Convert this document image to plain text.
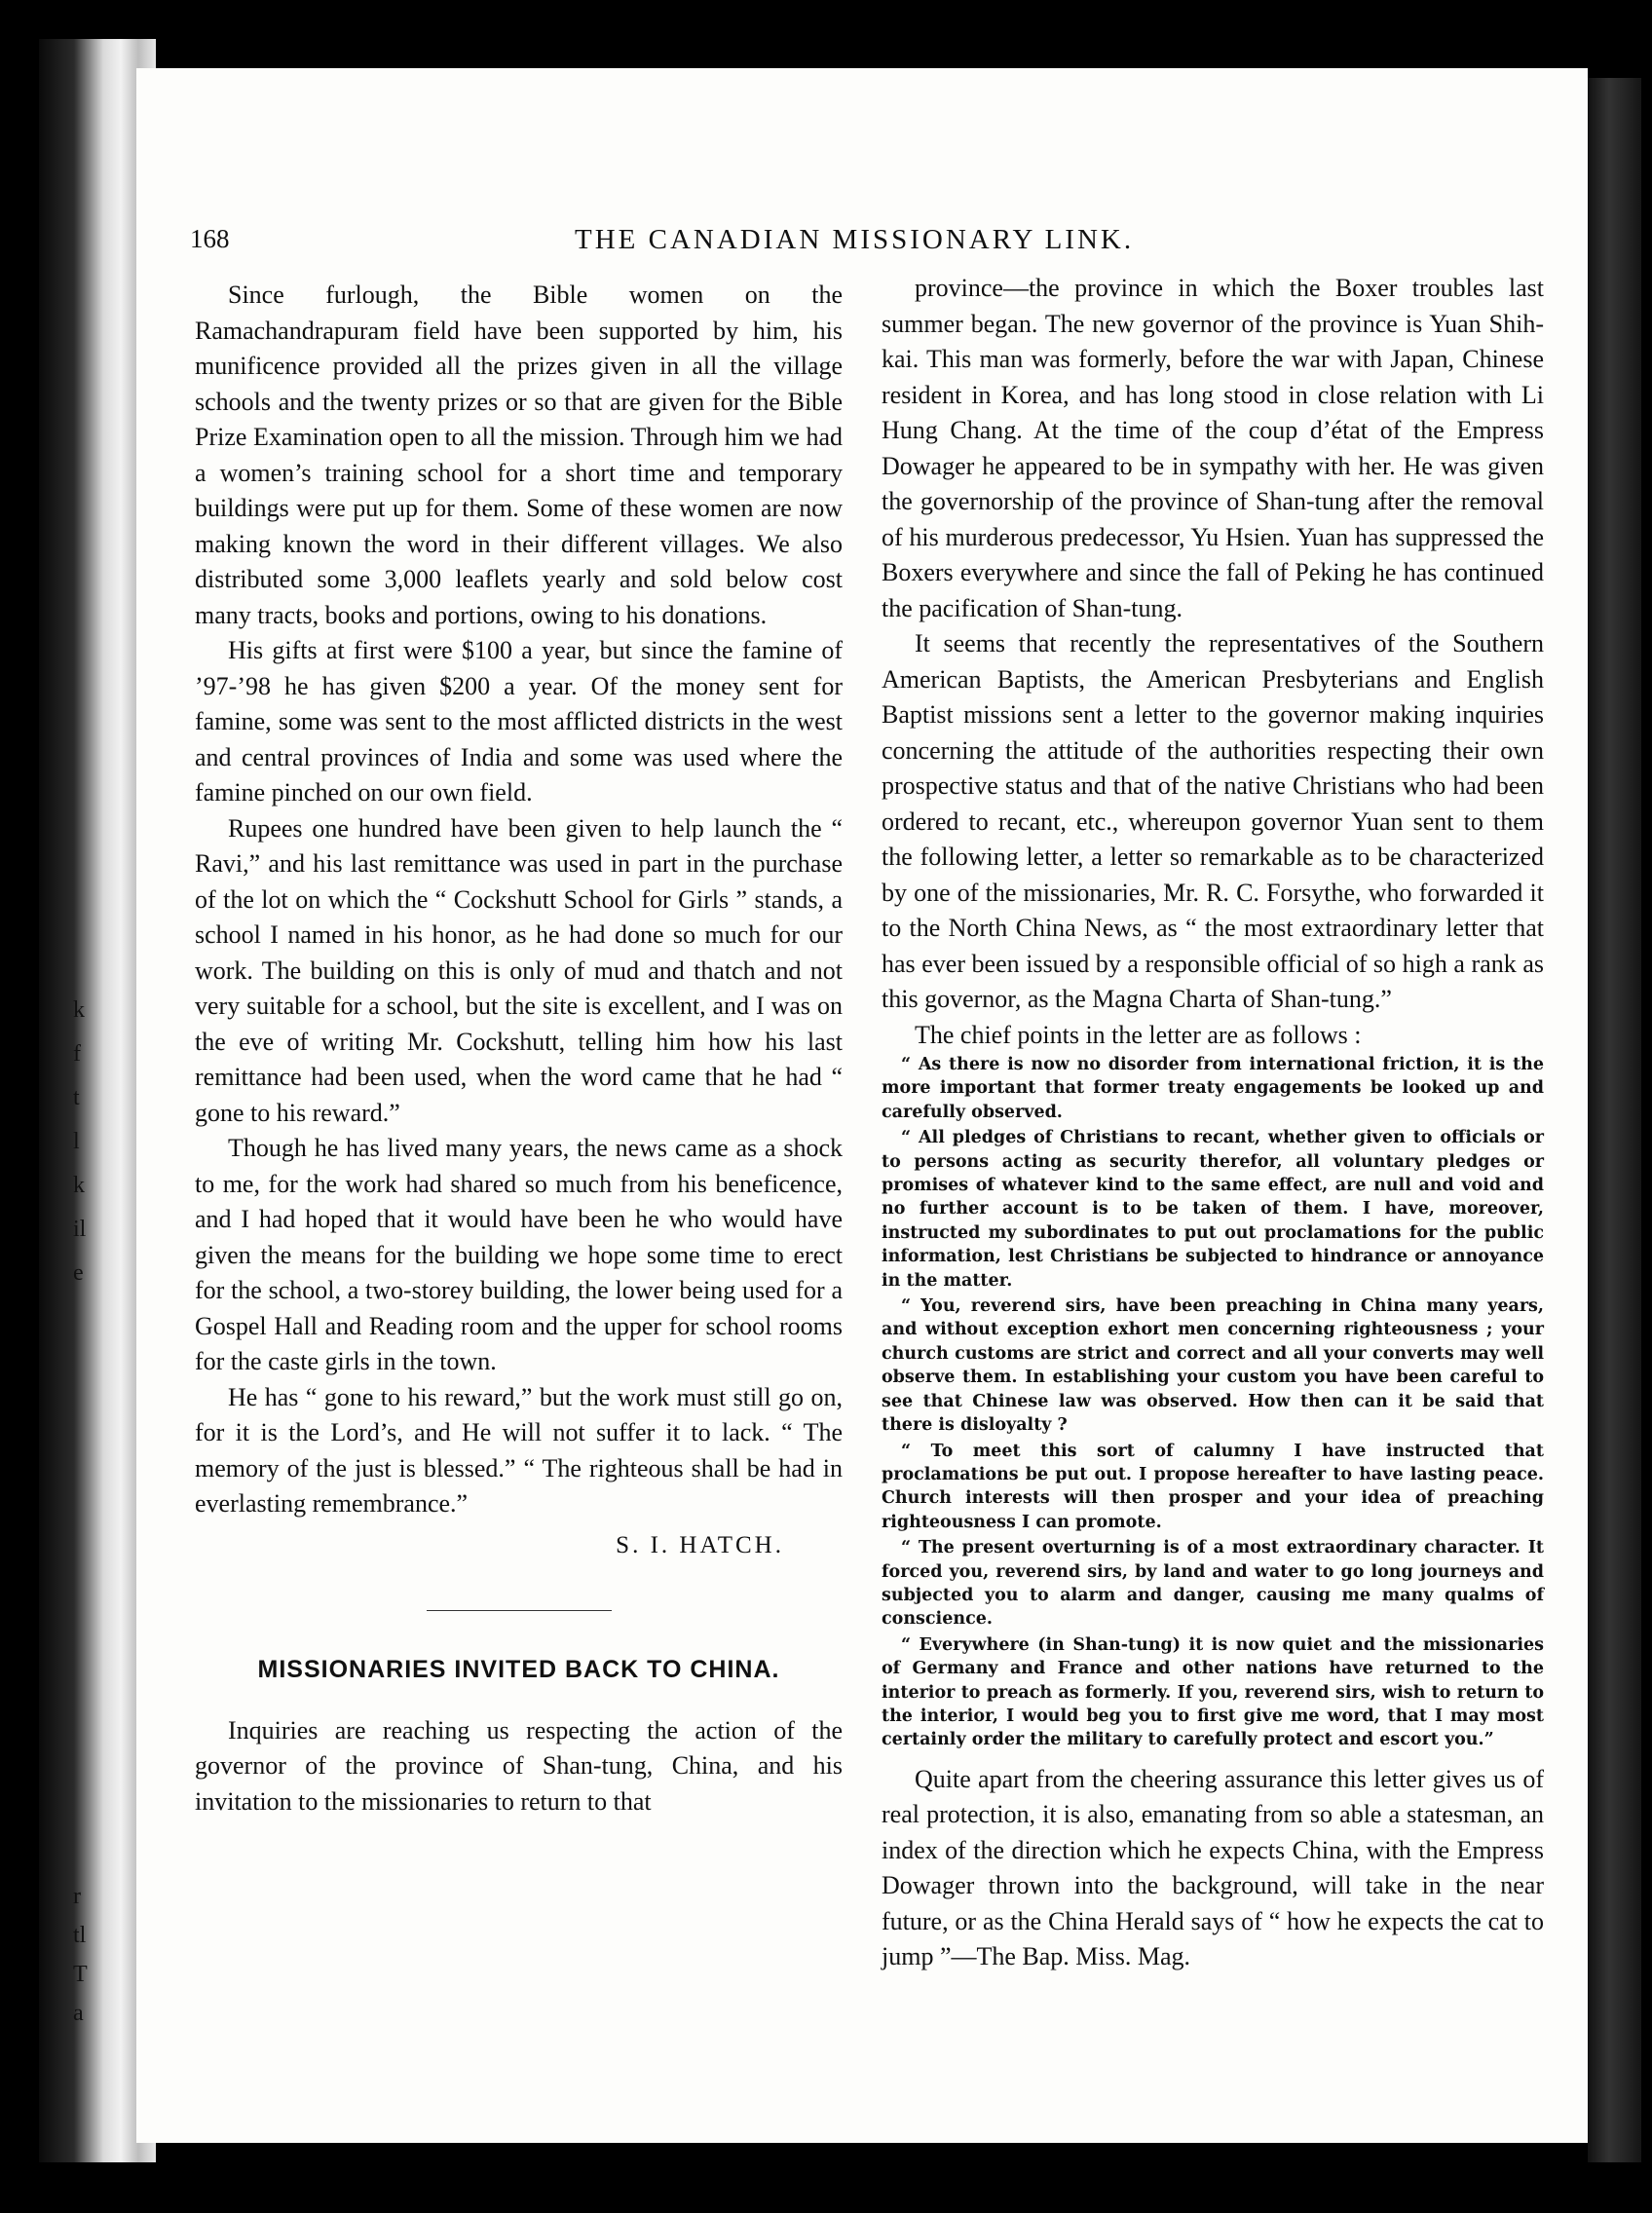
k
f
t
l
k
il
e
r
tl
T
a
168	THE CANADIAN MISSIONARY LINK.

Since furlough, the Bible women on the Ramachandrapuram field have been supported by him, his munificence provided all the prizes given in all the village schools and the twenty prizes or so that are given for the Bible Prize Examination open to all the mission. Through him we had a women’s training school for a short time and temporary buildings were put up for them. Some of these women are now making known the word in their different villages. We also distributed some 3,000 leaflets yearly and sold below cost many tracts, books and portions, owing to his donations.

His gifts at first were $100 a year, but since the famine of ’97-’98 he has given $200 a year. Of the money sent for famine, some was sent to the most afflicted districts in the west and central provinces of India and some was used where the famine pinched on our own field.

Rupees one hundred have been given to help launch the “ Ravi,” and his last remittance was used in part in the purchase of the lot on which the “ Cockshutt School for Girls ” stands, a school I named in his honor, as he had done so much for our work. The building on this is only of mud and thatch and not very suitable for a school, but the site is excellent, and I was on the eve of writing Mr. Cockshutt, telling him how his last remittance had been used, when the word came that he had “ gone to his reward.”

Though he has lived many years, the news came as a shock to me, for the work had shared so much from his beneficence, and I had hoped that it would have been he who would have given the means for the building we hope some time to erect for the school, a two-storey building, the lower being used for a Gospel Hall and Reading room and the upper for school rooms for the caste girls in the town.

He has “ gone to his reward,” but the work must still go on, for it is the Lord’s, and He will not suffer it to lack. “ The memory of the just is blessed.” “ The righteous shall be had in everlasting remembrance.”

S. I. HATCH.
MISSIONARIES INVITED BACK TO CHINA.

Inquiries are reaching us respecting the action of the governor of the province of Shan-tung, China, and his invitation to the missionaries to return to that

province—the province in which the Boxer troubles last summer began. The new governor of the province is Yuan Shih-kai. This man was formerly, before the war with Japan, Chinese resident in Korea, and has long stood in close relation with Li Hung Chang. At the time of the coup d’état of the Empress Dowager he appeared to be in sympathy with her. He was given the governorship of the province of Shan-tung after the removal of his murderous predecessor, Yu Hsien. Yuan has suppressed the Boxers everywhere and since the fall of Peking he has continued the pacification of Shan-tung.

It seems that recently the representatives of the Southern American Baptists, the American Presbyterians and English Baptist missions sent a letter to the governor making inquiries concerning the attitude of the authorities respecting their own prospective status and that of the native Christians who had been ordered to recant, etc., whereupon governor Yuan sent to them the following letter, a letter so remarkable as to be characterized by one of the missionaries, Mr. R. C. Forsythe, who forwarded it to the North China News, as “ the most extraordinary letter that has ever been issued by a responsible official of so high a rank as this governor, as the Magna Charta of Shan-tung.”

The chief points in the letter are as follows :

“ As there is now no disorder from international friction, it is the more important that former treaty engagements be looked up and carefully observed.

“ All pledges of Christians to recant, whether given to officials or to persons acting as security therefor, all voluntary pledges or promises of whatever kind to the same effect, are null and void and no further account is to be taken of them. I have, moreover, instructed my subordinates to put out proclamations for the public information, lest Christians be subjected to hindrance or annoyance in the matter.

“ You, reverend sirs, have been preaching in China many years, and without exception exhort men concerning righteousness ; your church customs are strict and correct and all your converts may well observe them. In establishing your custom you have been careful to see that Chinese law was observed. How then can it be said that there is disloyalty ?

“ To meet this sort of calumny I have instructed that proclamations be put out. I propose hereafter to have lasting peace. Church interests will then prosper and your idea of preaching righteousness I can promote.

“ The present overturning is of a most extraordinary character. It forced you, reverend sirs, by land and water to go long journeys and subjected you to alarm and danger, causing me many qualms of conscience.

“ Everywhere (in Shan-tung) it is now quiet and the missionaries of Germany and France and other nations have returned to the interior to preach as formerly. If you, reverend sirs, wish to return to the interior, I would beg you to first give me word, that I may most certainly order the military to carefully protect and escort you.”

Quite apart from the cheering assurance this letter gives us of real protection, it is also, emanating from so able a statesman, an index of the direction which he expects China, with the Empress Dowager thrown into the background, will take in the near future, or as the China Herald says of “ how he expects the cat to jump ”—The Bap. Miss. Mag.
